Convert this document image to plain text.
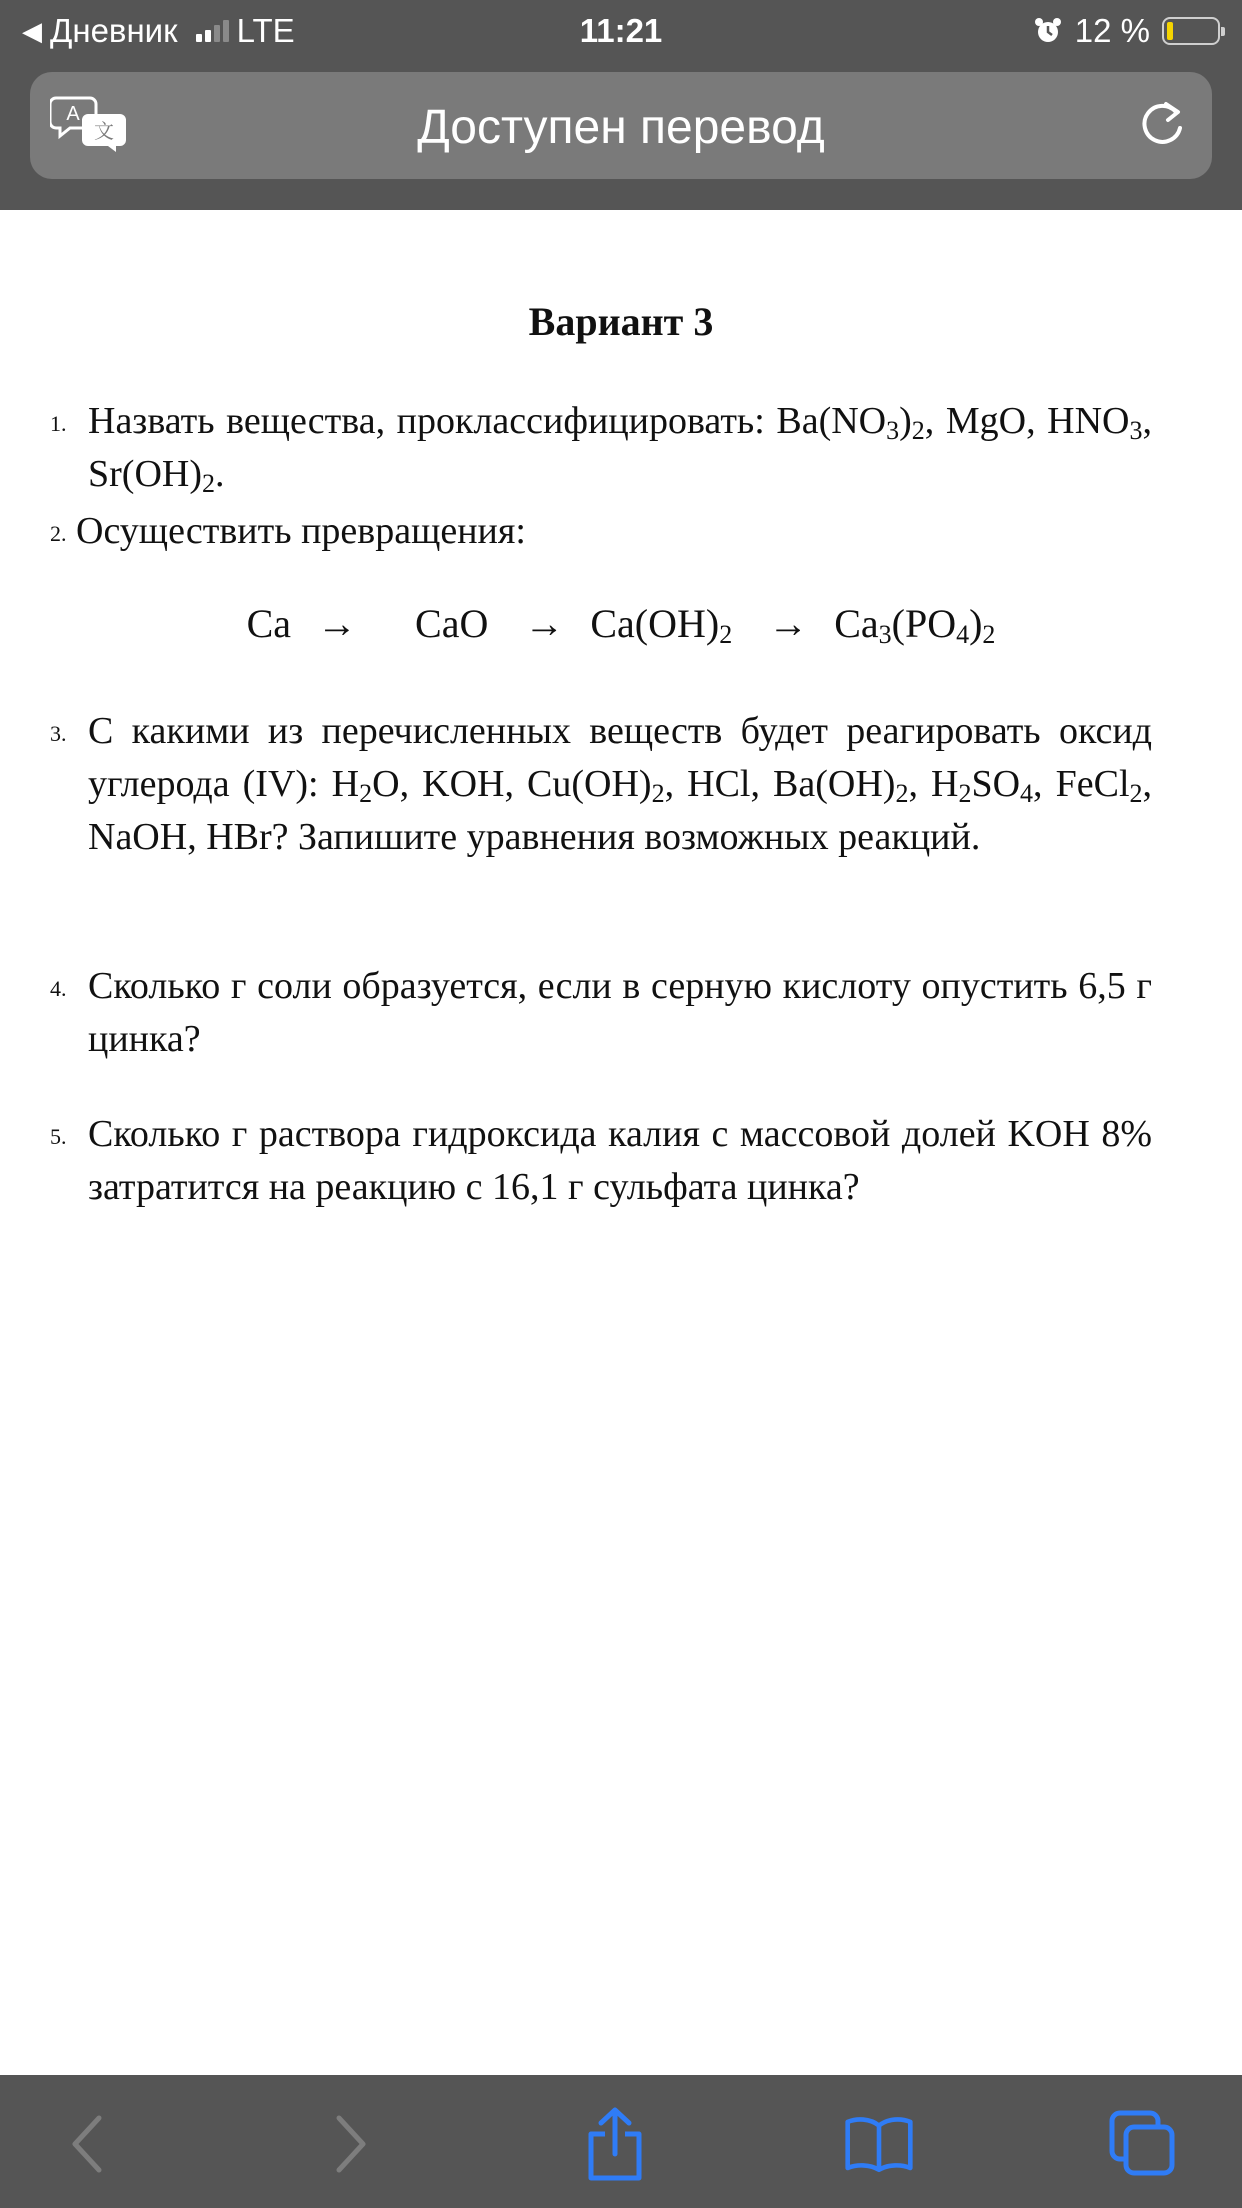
◀ Дневник LTE	11:21	12 %
A
文	Доступен перевод
Вариант 3
1. Назвать вещества, проклассифицировать: $Ba(NO_3)_2$, MgO, $HNO_3$, $Sr(OH)_2$.
2. Осуществить превращения:
Ca → CaO → $Ca(OH)_2 \to Ca_3(PO_4)_2$
3. С какими из перечисленных веществ будет реагировать оксид углерода (IV): $H_2O$, KOH, $Cu(OH)_2$, HCl, $Ba(OH)_2$, $H_2SO_4$, FeCl$_2$, NaOH, HBr? Запишите уравнения возможных реакций.
4. Сколько г соли образуется, если в серную кислоту опустить 6,5 г цинка?
5. Сколько г раствора гидроксида калия с массовой долей KOH 8% затратится на реакцию с 16,1 г сульфата цинка?
